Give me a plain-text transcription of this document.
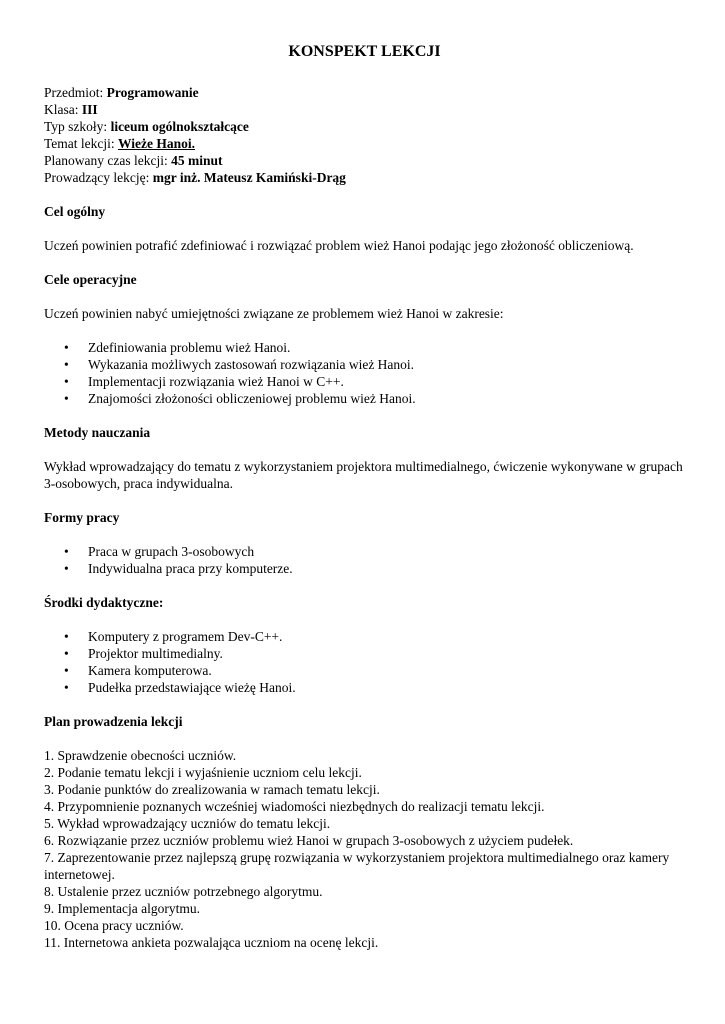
KONSPEKT LEKCJI
Przedmiot: Programowanie
Klasa: III
Typ szkoły: liceum ogólnokształcące
Temat lekcji: Wieże Hanoi.
Planowany czas lekcji: 45 minut
Prowadzący lekcję: mgr inż. Mateusz Kamiński-Drąg
Cel ogólny

Uczeń powinien potrafić zdefiniować i rozwiązać problem wież Hanoi podając jego złożoność obliczeniową.

Cele operacyjne

Uczeń powinien nabyć umiejętności związane ze problemem wież Hanoi w zakresie:

• Zdefiniowania problemu wież Hanoi.
• Wykazania możliwych zastosowań rozwiązania wież Hanoi.
• Implementacji rozwiązania wież Hanoi w C++.
• Znajomości złożoności obliczeniowej problemu wież Hanoi.
Metody nauczania

Wykład wprowadzający do tematu z wykorzystaniem projektora multimedialnego, ćwiczenie wykonywane w grupach 3-osobowych, praca indywidualna.

Formy pracy
• Praca w grupach 3-osobowych
• Indywidualna praca przy komputerze.
Środki dydaktyczne:
• Komputery z programem Dev-C++.
• Projektor multimedialny.
• Kamera komputerowa.
• Pudełka przedstawiające wieżę Hanoi.
Plan prowadzenia lekcji
1. Sprawdzenie obecności uczniów.
2. Podanie tematu lekcji i wyjaśnienie uczniom celu lekcji.
3. Podanie punktów do zrealizowania w ramach tematu lekcji.
4. Przypomnienie poznanych wcześniej wiadomości niezbędnych do realizacji tematu lekcji.
5. Wykład wprowadzający uczniów do tematu lekcji.
6. Rozwiązanie przez uczniów problemu wież Hanoi w grupach 3-osobowych z użyciem pudełek.
7. Zaprezentowanie przez najlepszą grupę rozwiązania w wykorzystaniem projektora multimedialnego oraz kamery internetowej.
8. Ustalenie przez uczniów potrzebnego algorytmu.
9. Implementacja algorytmu.
10. Ocena pracy uczniów.
11. Internetowa ankieta pozwalająca uczniom na ocenę lekcji.
